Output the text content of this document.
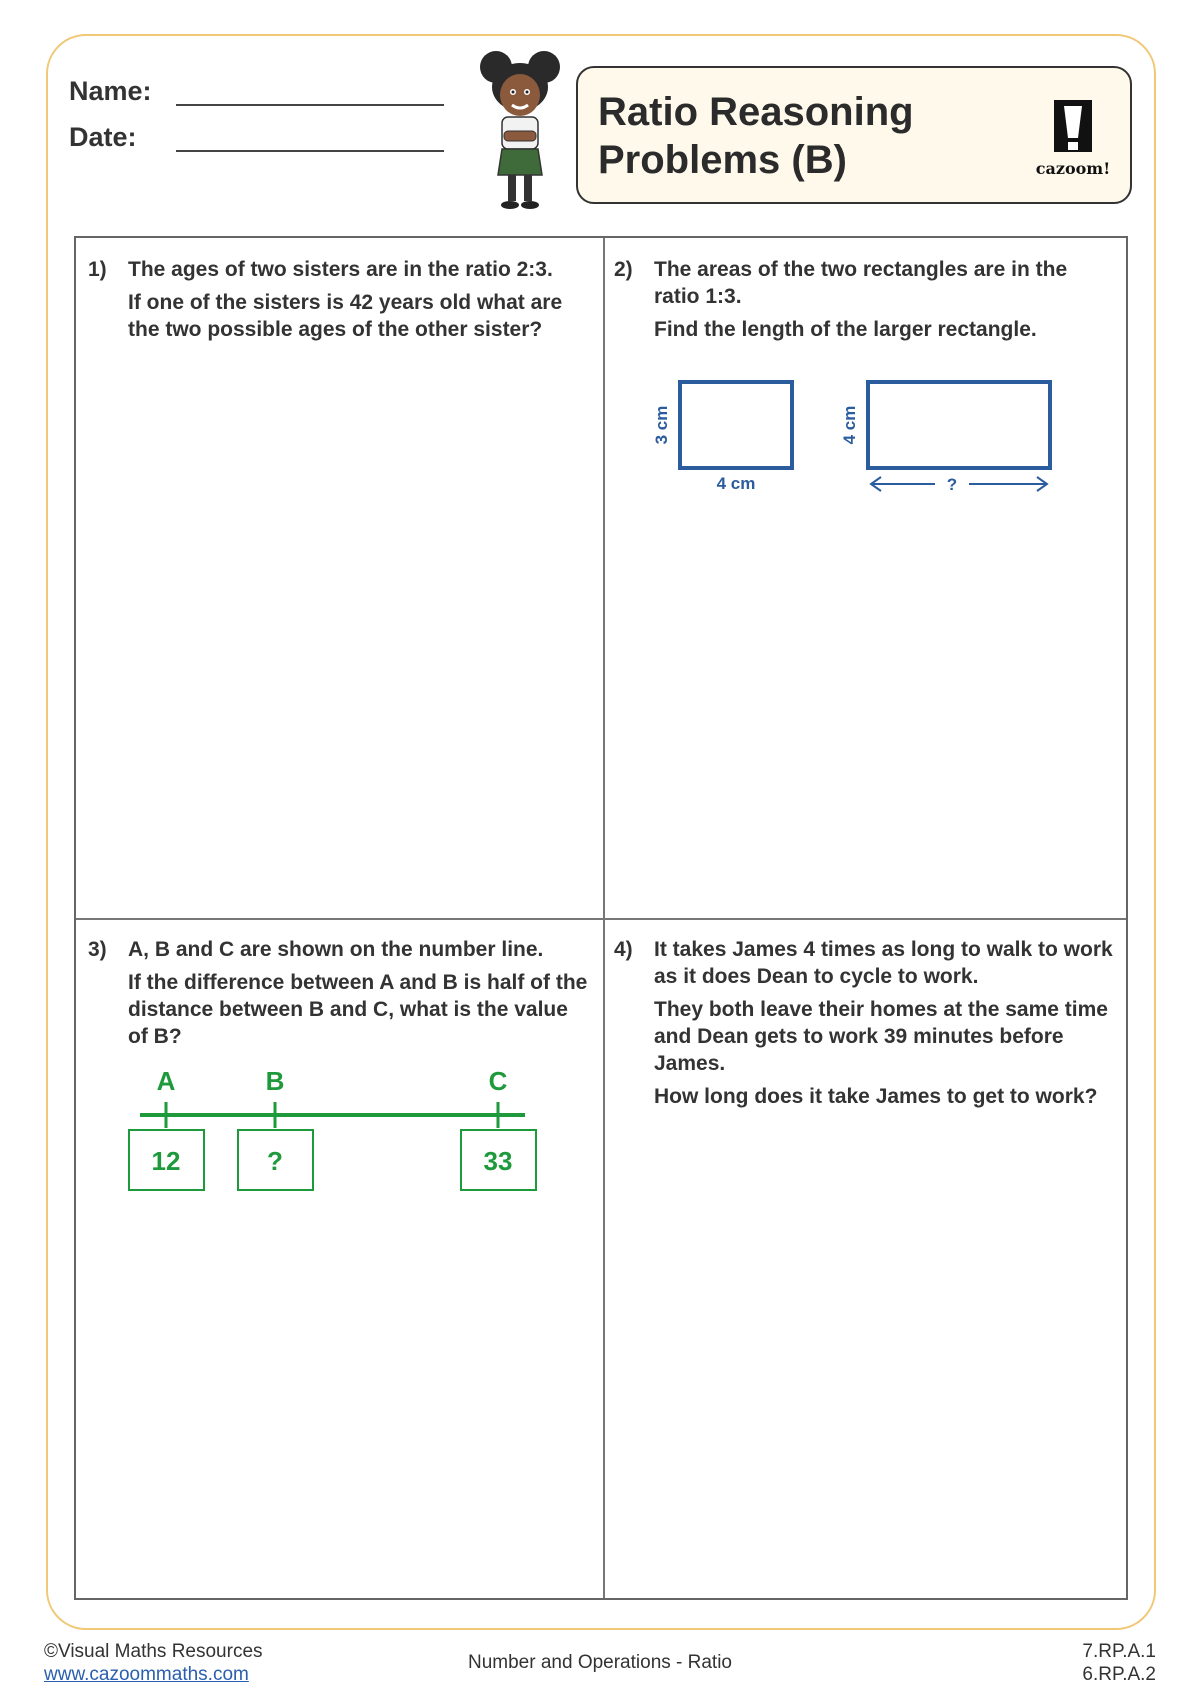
Name:
Date:
Ratio Reasoning
Problems (B)	cazoom!
1) The ages of two sisters are in the ratio 2:3.

If one of the sisters is 42 years old what are the two possible ages of the other sister?

2) The areas of the two rectangles are in the ratio 1:3.

Find the length of the larger rectangle.

3) A, B and C are shown on the number line.

If the difference between A and B is half of the distance between B and C, what is the value of B?

4) It takes James 4 times as long to walk to work as it does Dean to cycle to work.

They both leave their homes at the same time and Dean gets to work 39 minutes before James.

How long does it take James to get to work?

3 cm
4 cm
4 cm
?
A	B	C
12	?	33
©Visual Maths Resources
www.cazoommaths.com
Number and Operations - Ratio
7.RP.A.1
6.RP.A.2
